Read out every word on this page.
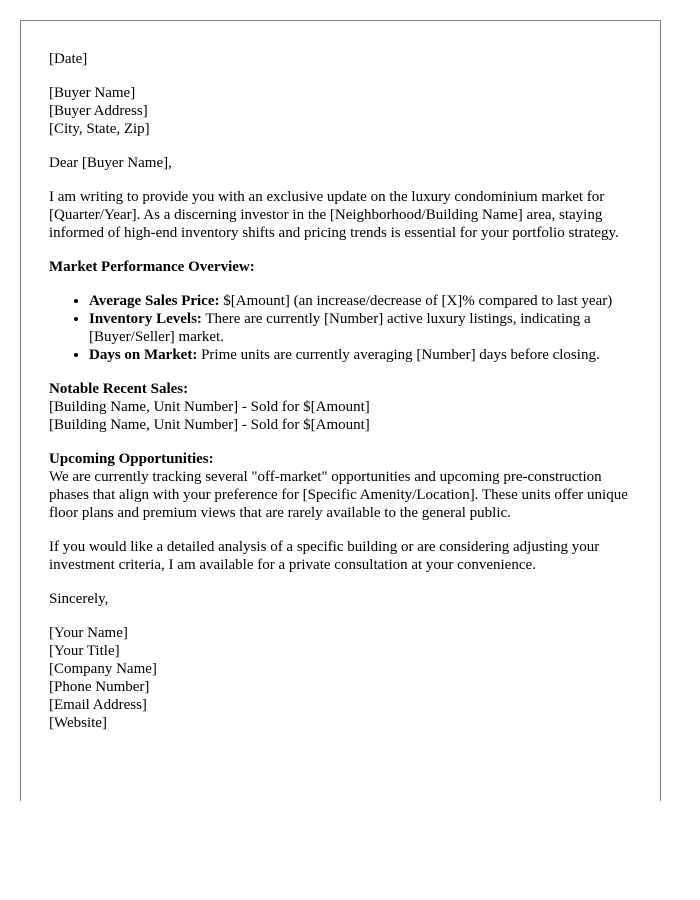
[Date]

[Buyer Name]
[Buyer Address]
[City, State, Zip]

Dear [Buyer Name],

I am writing to provide you with an exclusive update on the luxury condominium market for [Quarter/Year]. As a discerning investor in the [Neighborhood/Building Name] area, staying informed of high-end inventory shifts and pricing trends is essential for your portfolio strategy.

Market Performance Overview:

• Average Sales Price: $[Amount] (an increase/decrease of [X]% compared to last year)
• Inventory Levels: There are currently [Number] active luxury listings, indicating a [Buyer/Seller] market.
• Days on Market: Prime units are currently averaging [Number] days before closing.

Notable Recent Sales:
[Building Name, Unit Number] - Sold for $[Amount]
[Building Name, Unit Number] - Sold for $[Amount]

Upcoming Opportunities:
We are currently tracking several "off-market" opportunities and upcoming pre-construction phases that align with your preference for [Specific Amenity/Location]. These units offer unique floor plans and premium views that are rarely available to the general public.

If you would like a detailed analysis of a specific building or are considering adjusting your investment criteria, I am available for a private consultation at your convenience.

Sincerely,

[Your Name]
[Your Title]
[Company Name]
[Phone Number]
[Email Address]
[Website]
